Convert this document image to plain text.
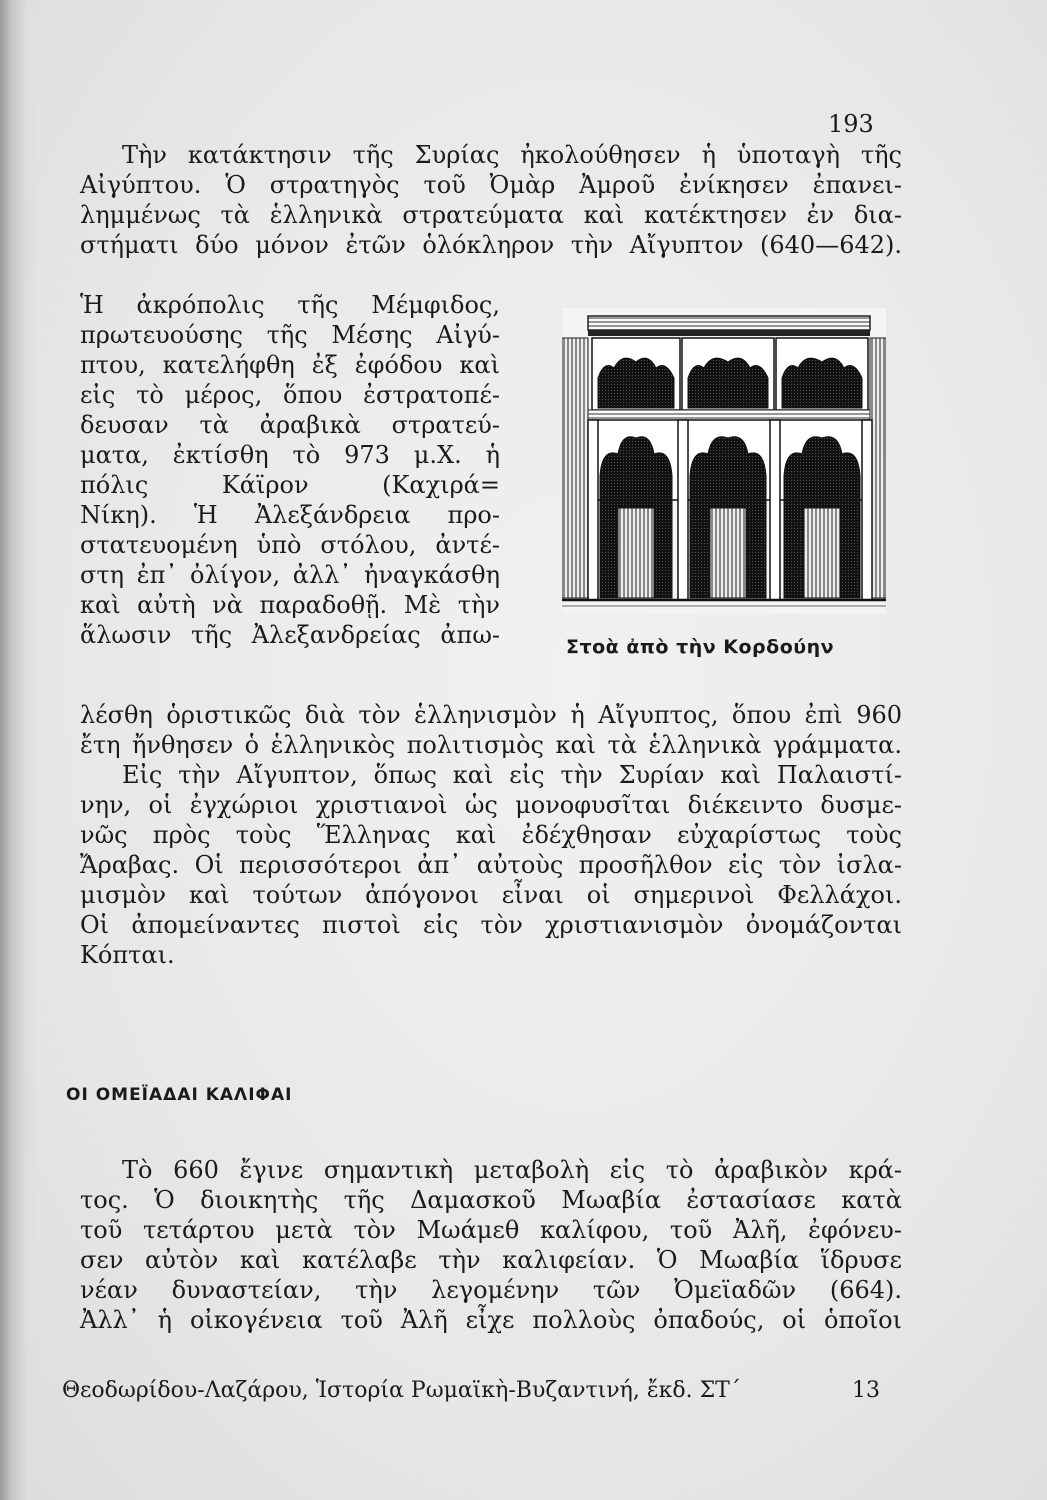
193

Τὴν κατάκτησιν τῆς Συρίας ἠκολούθησεν ἡ ὑποταγὴ τῆς

Αἰγύπτου. Ὁ στρατηγὸς τοῦ Ὀμὰρ Ἀμροῦ ἐνίκησεν ἐπανει-

λημμένως τὰ ἑλληνικὰ στρατεύματα καὶ κατέκτησεν ἐν δια-

στήματι δύο μόνον ἐτῶν ὁλόκληρον τὴν Αἴγυπτον (640—642).

Ἡ ἀκρόπολις τῆς Μέμφιδος,

πρωτευούσης τῆς Μέσης Αἰγύ-

πτου, κατελήφθη ἐξ ἐφόδου καὶ

εἰς τὸ μέρος, ὅπου ἐστρατοπέ-

δευσαν τὰ ἀραβικὰ στρατεύ-

ματα, ἐκτίσθη τὸ 973 μ.Χ. ἡ

πόλις Κάϊρον (Καχιρά=

Νίκη). Ἡ Ἀλεξάνδρεια προ-

στατευομένη ὑπὸ στόλου, ἀντέ-

στη ἐπ᾽ ὀλίγον, ἀλλ᾽ ἠναγκάσθη

καὶ αὐτὴ νὰ παραδοθῇ. Μὲ τὴν

ἅλωσιν τῆς Ἀλεξανδρείας ἀπω-	Στοὰ ἀπὸ τὴν Κορδούην

λέσθη ὁριστικῶς διὰ τὸν ἑλληνισμὸν ἡ Αἴγυπτος, ὅπου ἐπὶ 960

ἔτη ἤνθησεν ὁ ἑλληνικὸς πολιτισμὸς καὶ τὰ ἑλληνικὰ γράμματα.

Εἰς τὴν Αἴγυπτον, ὅπως καὶ εἰς τὴν Συρίαν καὶ Παλαιστί-

νην, οἱ ἐγχώριοι χριστιανοὶ ὡς μονοφυσῖται διέκειντο δυσμε-

νῶς πρὸς τοὺς Ἕλληνας καὶ ἐδέχθησαν εὐχαρίστως τοὺς

Ἄραβας. Οἱ περισσότεροι ἀπ᾽ αὐτοὺς προσῆλθον εἰς τὸν ἰσλα-

μισμὸν καὶ τούτων ἀπόγονοι εἶναι οἱ σημερινοὶ Φελλάχοι.

Οἱ ἀπομείναντες πιστοὶ εἰς τὸν χριστιανισμὸν ὀνομάζονται

Κόπται.

ΟΙ ΟΜΕΪΑΔΑΙ ΚΑΛΙΦΑΙ

Τὸ 660 ἔγινε σημαντικὴ μεταβολὴ εἰς τὸ ἀραβικὸν κρά-

τος. Ὁ διοικητὴς τῆς Δαμασκοῦ Μωαβία ἐστασίασε κατὰ

τοῦ τετάρτου μετὰ τὸν Μωάμεθ καλίφου, τοῦ Ἀλῆ, ἐφόνευ-

σεν αὐτὸν καὶ κατέλαβε τὴν καλιφείαν. Ὁ Μωαβία ἵδρυσε

νέαν δυναστείαν, τὴν λεγομένην τῶν Ὀμεϊαδῶν (664).

Ἀλλ᾽ ἡ οἰκογένεια τοῦ Ἀλῆ εἶχε πολλοὺς ὀπαδούς, οἱ ὁποῖοι

Θεοδωρίδου-Λαζάρου, Ἱστορία Ρωμαϊκὴ-Βυζαντινή, ἔκδ. ΣΤ΄	13
